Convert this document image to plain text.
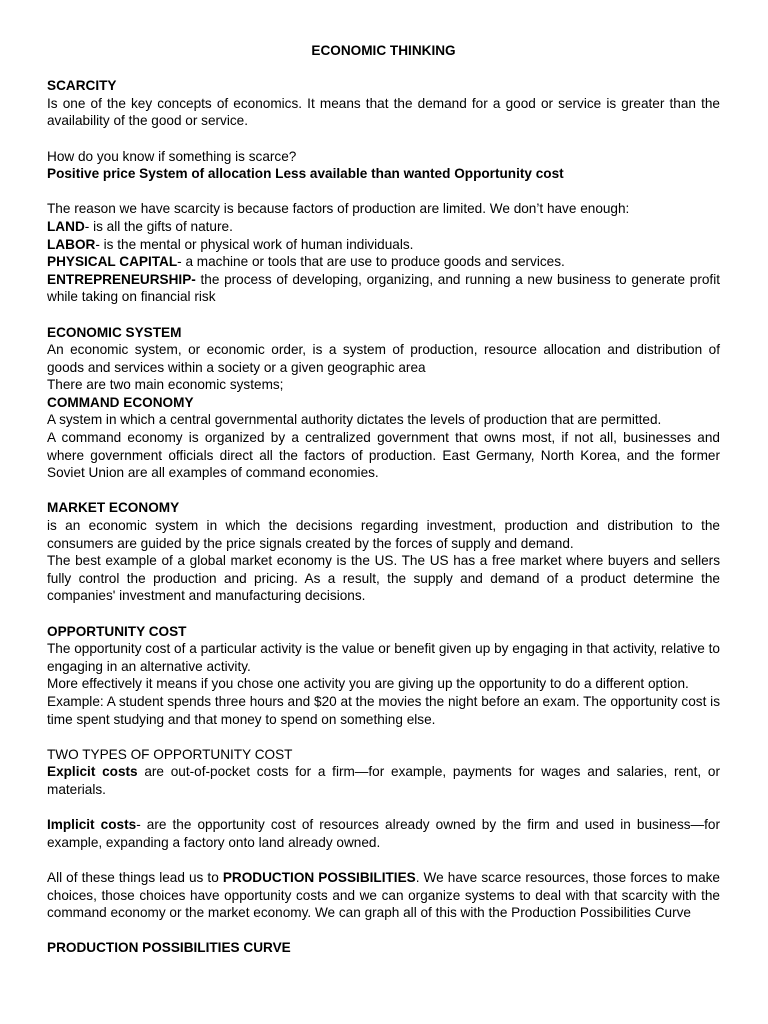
ECONOMIC THINKING
SCARCITY

Is one of the key concepts of economics. It means that the demand for a good or service is greater than the availability of the good or service.

How do you know if something is scarce?
Positive price System of allocation Less available than wanted Opportunity cost
The reason we have scarcity is because factors of production are limited. We don’t have enough:
LAND- is all the gifts of nature.
LABOR- is the mental or physical work of human individuals.
PHYSICAL CAPITAL- a machine or tools that are use to produce goods and services.
ENTREPRENEURSHIP- the process of developing, organizing, and running a new business to generate profit while taking on financial risk
ECONOMIC SYSTEM

An economic system, or economic order, is a system of production, resource allocation and distribution of goods and services within a society or a given geographic area

There are two main economic systems;
COMMAND ECONOMY

A system in which a central governmental authority dictates the levels of production that are permitted.

A command economy is organized by a centralized government that owns most, if not all, businesses and where government officials direct all the factors of production. East Germany, North Korea, and the former Soviet Union are all examples of command economies.

MARKET ECONOMY

is an economic system in which the decisions regarding investment, production and distribution to the consumers are guided by the price signals created by the forces of supply and demand.

The best example of a global market economy is the US. The US has a free market where buyers and sellers fully control the production and pricing. As a result, the supply and demand of a product determine the companies' investment and manufacturing decisions.

OPPORTUNITY COST

The opportunity cost of a particular activity is the value or benefit given up by engaging in that activity, relative to engaging in an alternative activity.

More effectively it means if you chose one activity you are giving up the opportunity to do a different option.

Example: A student spends three hours and $20 at the movies the night before an exam. The opportunity cost is time spent studying and that money to spend on something else.

TWO TYPES OF OPPORTUNITY COST

Explicit costs are out-of-pocket costs for a firm—for example, payments for wages and salaries, rent, or materials.

Implicit costs- are the opportunity cost of resources already owned by the firm and used in business—for example, expanding a factory onto land already owned.

All of these things lead us to PRODUCTION POSSIBILITIES. We have scarce resources, those forces to make choices, those choices have opportunity costs and we can organize systems to deal with that scarcity with the command economy or the market economy. We can graph all of this with the Production Possibilities Curve

PRODUCTION POSSIBILITIES CURVE
